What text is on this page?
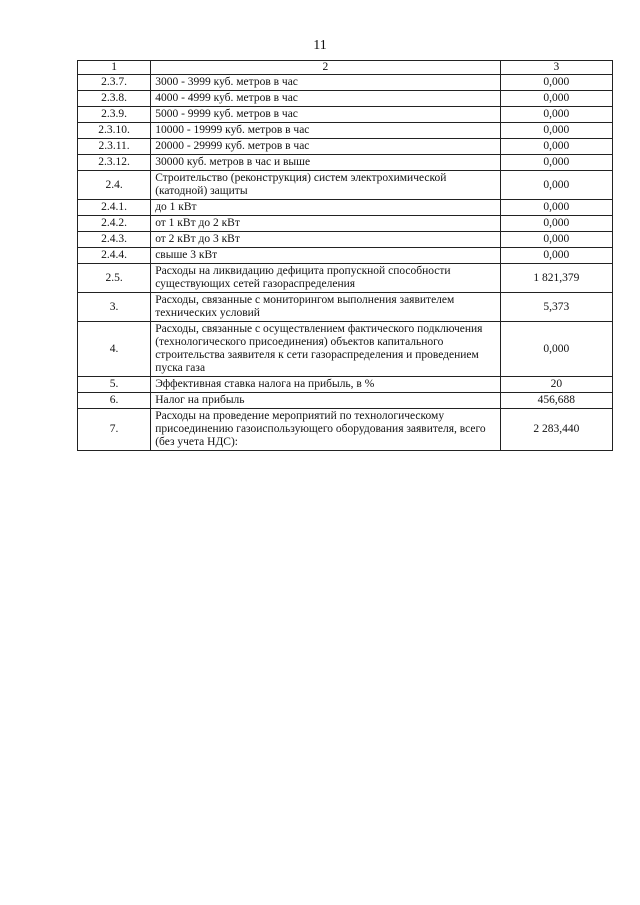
11
1	2	3
2.3.7.	3000 - 3999 куб. метров в час	0,000
2.3.8.	4000 - 4999 куб. метров в час	0,000
2.3.9.	5000 - 9999 куб. метров в час	0,000
2.3.10.	10000 - 19999 куб. метров в час	0,000
2.3.11.	20000 - 29999 куб. метров в час	0,000
2.3.12.	30000 куб. метров в час и выше	0,000
2.4.	Строительство (реконструкция) систем электрохимической (катодной) защиты	0,000
2.4.1.	до 1 кВт	0,000
2.4.2.	от 1 кВт до 2 кВт	0,000
2.4.3.	от 2 кВт до 3 кВт	0,000
2.4.4.	свыше 3 кВт	0,000
2.5.	Расходы на ликвидацию дефицита пропускной способности существующих сетей газораспределения	1 821,379
3.	Расходы, связанные с мониторингом выполнения заявителем технических условий	5,373
4.	Расходы, связанные с осуществлением фактического подключения (технологического присоединения) объектов капитального строительства заявителя к сети газораспределения и проведением пуска газа	0,000
5.	Эффективная ставка налога на прибыль, в %	20
6.	Налог на прибыль	456,688
7.	Расходы на проведение мероприятий по технологическому присоединению газоиспользующего оборудования заявителя, всего (без учета НДС):	2 283,440
